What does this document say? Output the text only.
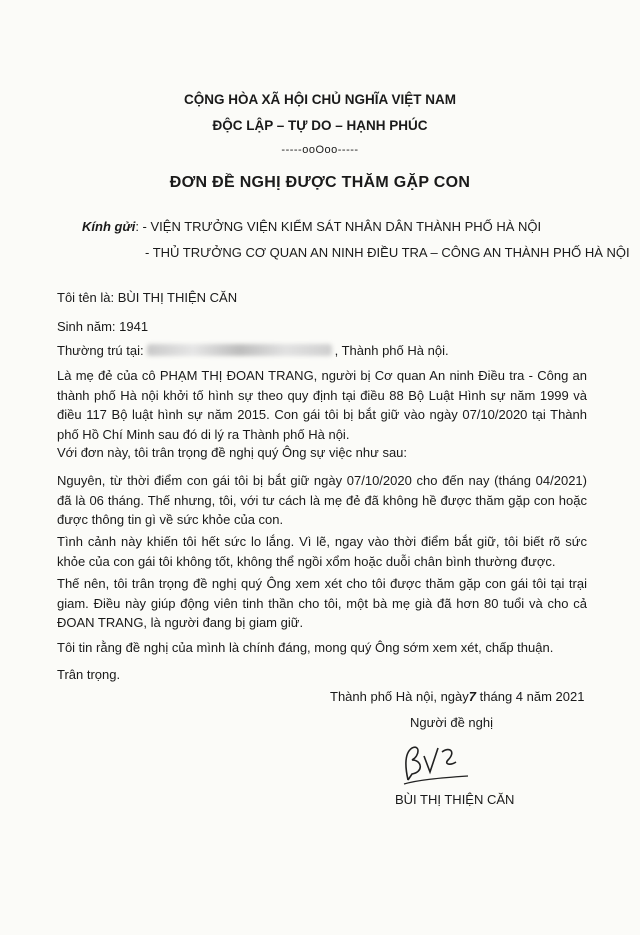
CỘNG HÒA XÃ HỘI CHỦ NGHĨA VIỆT NAM
ĐỘC LẬP – TỰ DO – HẠNH PHÚC
-----ooOoo-----
ĐƠN ĐỀ NGHỊ ĐƯỢC THĂM GẶP CON
Kính gửi: - VIỆN TRƯỞNG VIỆN KIỂM SÁT NHÂN DÂN THÀNH PHỐ HÀ NỘI
- THỦ TRƯỞNG CƠ QUAN AN NINH ĐIỀU TRA – CÔNG AN THÀNH PHỐ HÀ NỘI
Tôi tên là: BÙI THỊ THIỆN CĂN
Sinh năm: 1941
Thường trú tại:	, Thành phố Hà nội.
Là mẹ đẻ của cô PHẠM THỊ ĐOAN TRANG, người bị Cơ quan An ninh Điều tra - Công an thành phố Hà nội khởi tố hình sự theo quy định tại điều 88 Bộ Luật Hình sự năm 1999 và điều 117 Bộ luật hình sự năm 2015. Con gái tôi bị bắt giữ vào ngày 07/10/2020 tại Thành phố Hồ Chí Minh sau đó di lý ra Thành phố Hà nội.
Với đơn này, tôi trân trọng đề nghị quý Ông sự việc như sau:
Nguyên, từ thời điểm con gái tôi bị bắt giữ ngày 07/10/2020 cho đến nay (tháng 04/2021) đã là 06 tháng. Thế nhưng, tôi, với tư cách là mẹ đẻ đã không hề được thăm gặp con hoặc được thông tin gì về sức khỏe của con.
Tình cảnh này khiến tôi hết sức lo lắng. Vì lẽ, ngay vào thời điểm bắt giữ, tôi biết rõ sức khỏe của con gái tôi không tốt, không thể ngồi xổm hoặc duỗi chân bình thường được.
Thế nên, tôi trân trọng đề nghị quý Ông xem xét cho tôi được thăm gặp con gái tôi tại trại giam. Điều này giúp động viên tinh thần cho tôi, một bà mẹ già đã hơn 80 tuổi và cho cả ĐOAN TRANG, là người đang bị giam giữ.
Tôi tin rằng đề nghị của mình là chính đáng, mong quý Ông sớm xem xét, chấp thuận.
Trân trọng.
Thành phố Hà nội, ngày7 tháng 4 năm 2021
Người đề nghị
BÙI THỊ THIỆN CĂN
